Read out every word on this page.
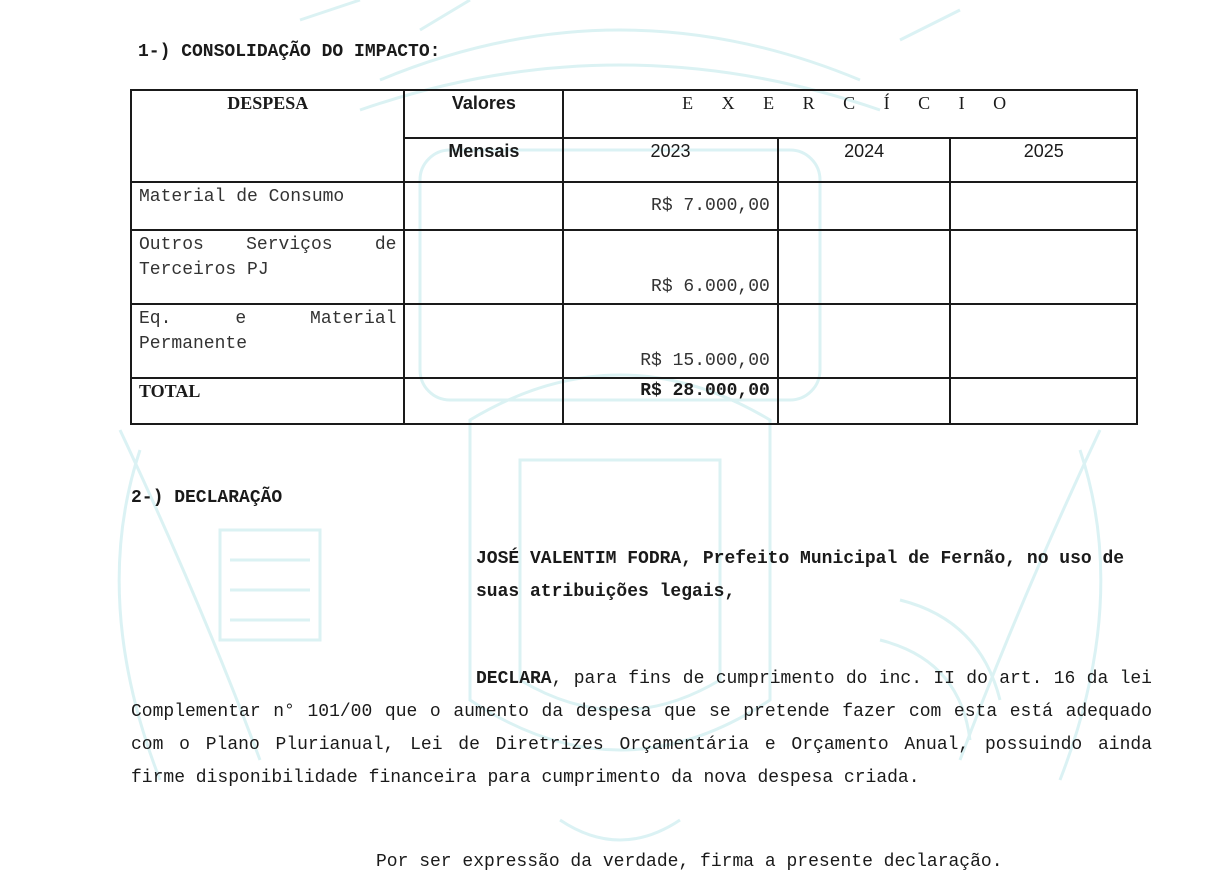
1-) CONSOLIDAÇÃO DO IMPACTO:
DESPESA	Valores	E X E R C Í C I O		
	Mensais	2023	2024	2025

Material de Consumo		R$ 7.000,00		

Outros Serviços de
Terceiros PJ		R$ 6.000,00		

Eq. e Material
Permanente		R$ 15.000,00		
TOTAL		R$ 28.000,00		
2-) DECLARAÇÃO
JOSÉ VALENTIM FODRA, Prefeito Municipal de Fernão, no uso de suas atribuições legais,
DECLARA, para fins de cumprimento do inc. II do art. 16 da lei Complementar n° 101/00 que o aumento da despesa que se pretende fazer com esta está adequado com o Plano Plurianual, Lei de Diretrizes Orçamentária e Orçamento Anual, possuindo ainda firme disponibilidade financeira para cumprimento da nova despesa criada.
Por ser expressão da verdade, firma a presente declaração.
